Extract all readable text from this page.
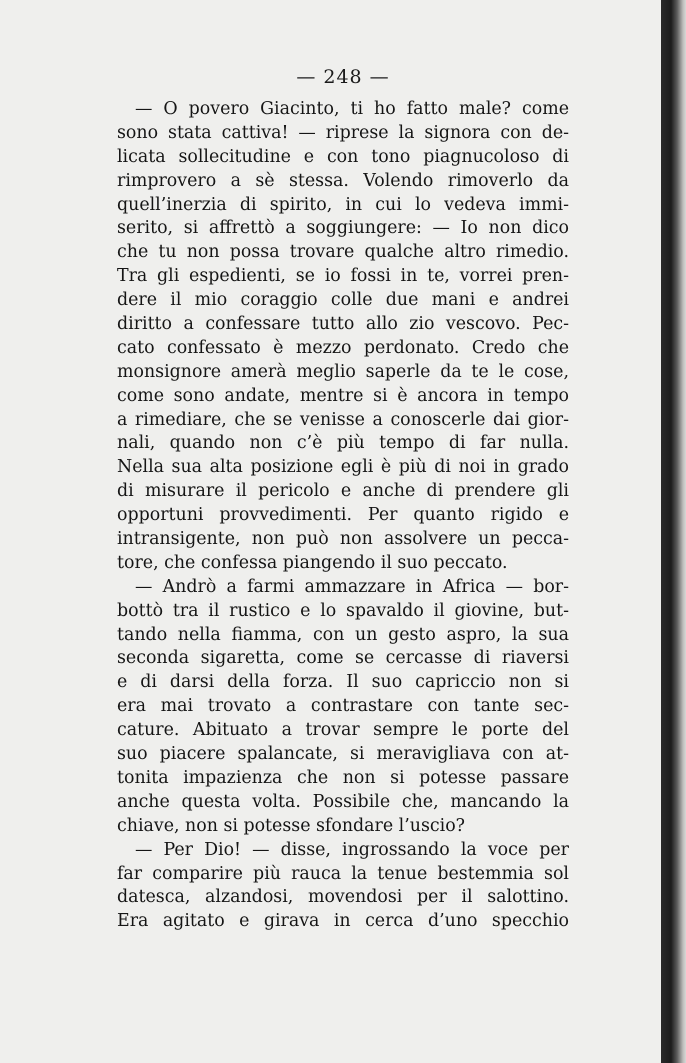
— 248 —
— O povero Giacinto, ti ho fatto male? come
sono stata cattiva! — riprese la signora con de-
licata sollecitudine e con tono piagnucoloso di
rimprovero a sè stessa. Volendo rimoverlo da
quell’inerzia di spirito, in cui lo vedeva immi-
serito, si affrettò a soggiungere: — Io non dico
che tu non possa trovare qualche altro rimedio.
Tra gli espedienti, se io fossi in te, vorrei pren-
dere il mio coraggio colle due mani e andrei
diritto a confessare tutto allo zio vescovo. Pec-
cato confessato è mezzo perdonato. Credo che
monsignore amerà meglio saperle da te le cose,
come sono andate, mentre si è ancora in tempo
a rimediare, che se venisse a conoscerle dai gior-
nali, quando non c’è più tempo di far nulla.
Nella sua alta posizione egli è più di noi in grado
di misurare il pericolo e anche di prendere gli
opportuni provvedimenti. Per quanto rigido e
intransigente, non può non assolvere un pecca-
tore, che confessa piangendo il suo peccato.
— Andrò a farmi ammazzare in Africa — bor-
bottò tra il rustico e lo spavaldo il giovine, but-
tando nella fiamma, con un gesto aspro, la sua
seconda sigaretta, come se cercasse di riaversi
e di darsi della forza. Il suo capriccio non si
era mai trovato a contrastare con tante sec-
cature. Abituato a trovar sempre le porte del
suo piacere spalancate, si meravigliava con at-
tonita impazienza che non si potesse passare
anche questa volta. Possibile che, mancando la
chiave, non si potesse sfondare l’uscio?
— Per Dio! — disse, ingrossando la voce per
far comparire più rauca la tenue bestemmia sol
datesca, alzandosi, movendosi per il salottino.
Era agitato e girava in cerca d’uno specchio
